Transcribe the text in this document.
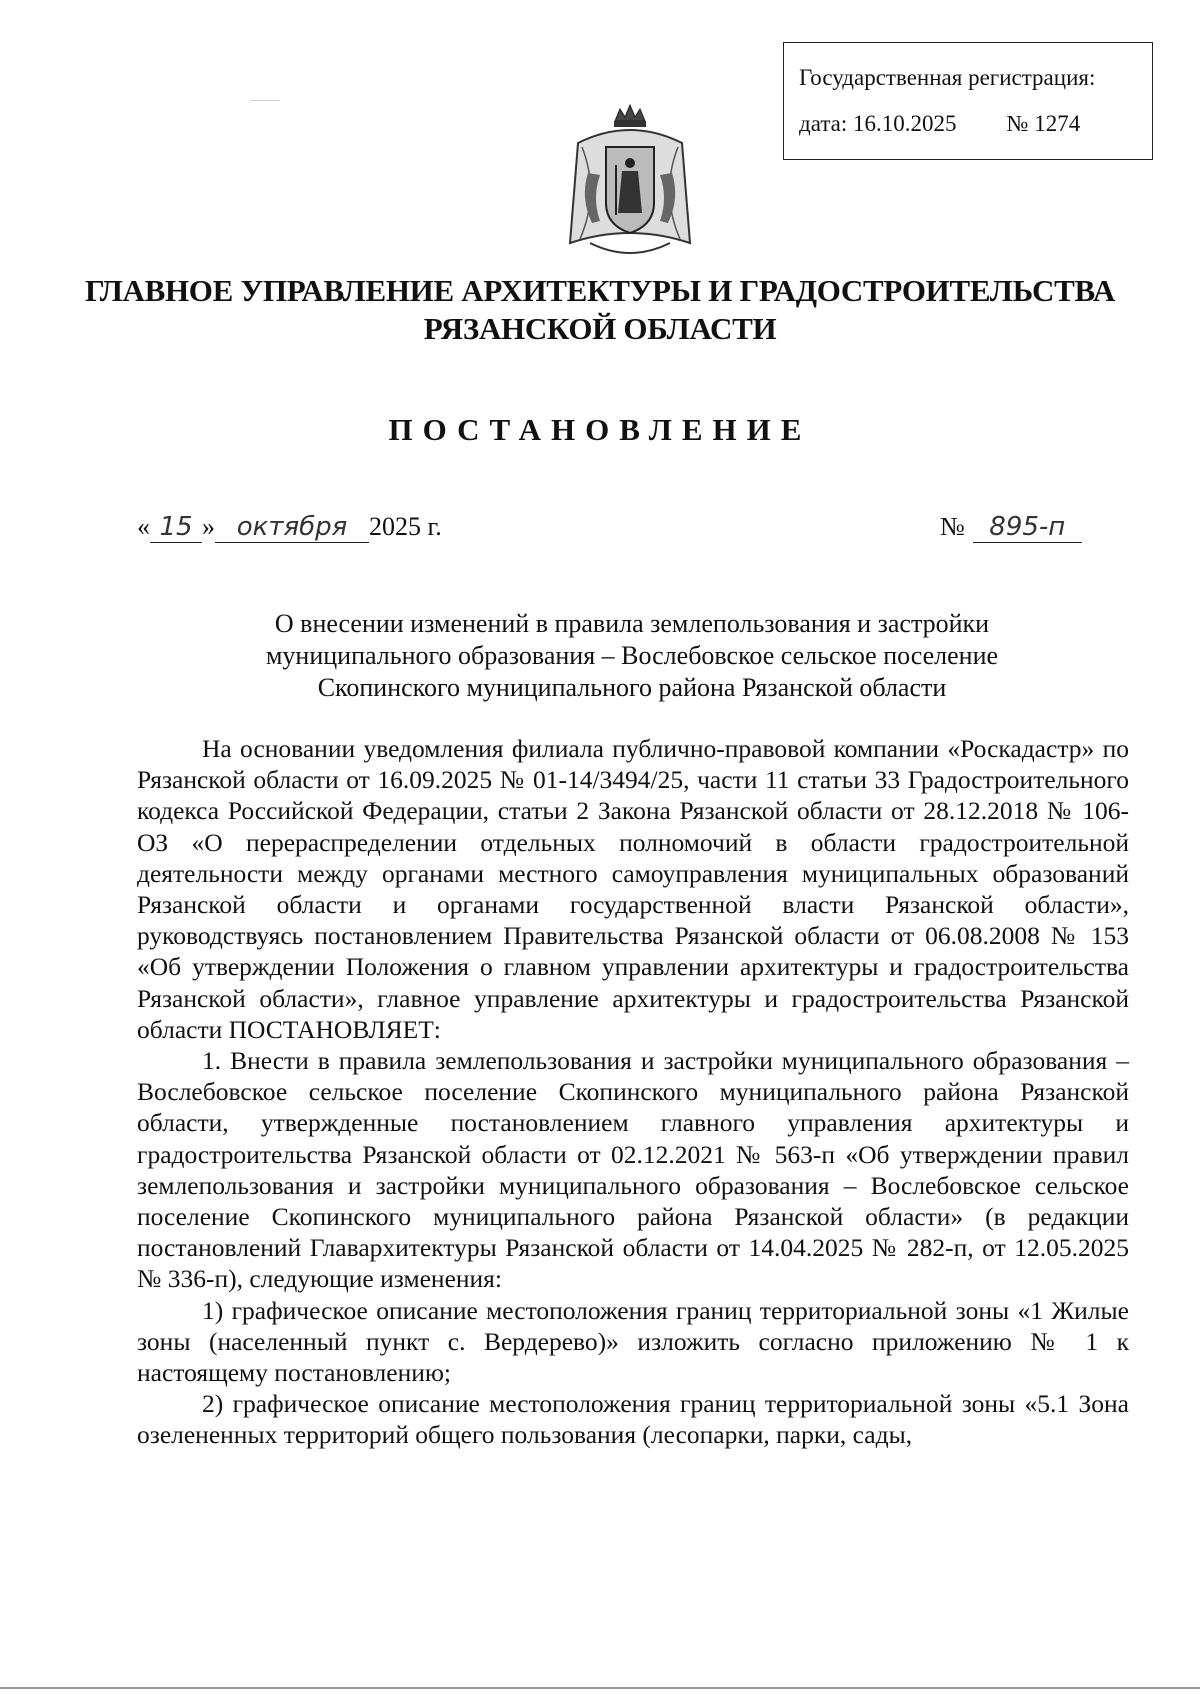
Государственная регистрация:
дата: 16.10.2025 № 1274
ГЛАВНОЕ УПРАВЛЕНИЕ АРХИТЕКТУРЫ И ГРАДОСТРОИТЕЛЬСТВА
РЯЗАНСКОЙ ОБЛАСТИ
ПОСТАНОВЛЕНИЕ
« 15 » октября 2025 г.	№ 895-п
О внесении изменений в правила землепользования и застройки
муниципального образования – Вослебовское сельское поселение
Скопинского муниципального района Рязанской области

На основании уведомления филиала публично-правовой компании «Роскадастр» по Рязанской области от 16.09.2025 № 01-14/3494/25, части 11 статьи 33 Градостроительного кодекса Российской Федерации, статьи 2 Закона Рязанской области от 28.12.2018 № 106-ОЗ «О перераспределении отдельных полномочий в области градостроительной деятельности между органами местного самоуправления муниципальных образований Рязанской области и органами государственной власти Рязанской области», руководствуясь постановлением Правительства Рязанской области от 06.08.2008 № 153 «Об утверждении Положения о главном управлении архитектуры и градостроительства Рязанской области», главное управление архитектуры и градостроительства Рязанской области ПОСТАНОВЛЯЕТ:

1. Внести в правила землепользования и застройки муниципального образования – Вослебовское сельское поселение Скопинского муниципального района Рязанской области, утвержденные постановлением главного управления архитектуры и градостроительства Рязанской области от 02.12.2021 № 563-п «Об утверждении правил землепользования и застройки муниципального образования – Вослебовское сельское поселение Скопинского муниципального района Рязанской области» (в редакции постановлений Главархитектуры Рязанской области от 14.04.2025 № 282-п, от 12.05.2025 № 336-п), следующие изменения:

1) графическое описание местоположения границ территориальной зоны «1 Жилые зоны (населенный пункт с. Вердерево)» изложить согласно приложению № 1 к настоящему постановлению;

2) графическое описание местоположения границ территориальной зоны «5.1 Зона озелененных территорий общего пользования (лесопарки, парки, сады,
